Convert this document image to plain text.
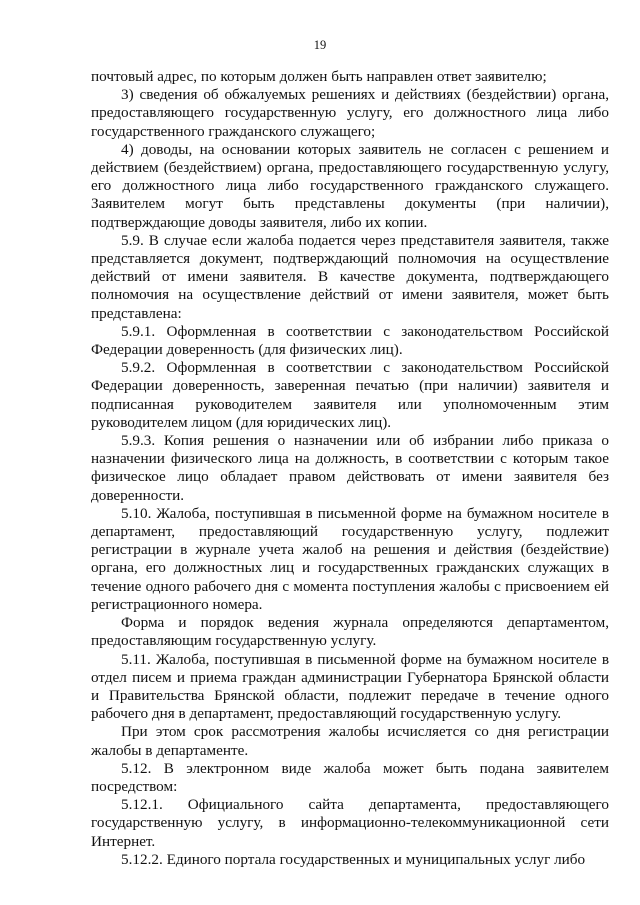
19

почтовый адрес, по которым должен быть направлен ответ заявителю;

3) сведения об обжалуемых решениях и действиях (бездействии) органа, предоставляющего государственную услугу, его должностного лица либо государственного гражданского служащего;

4) доводы, на основании которых заявитель не согласен с решением и действием (бездействием) органа, предоставляющего государственную услугу, его должностного лица либо государственного гражданского служащего. Заявителем могут быть представлены документы (при наличии), подтверждающие доводы заявителя, либо их копии.

5.9. В случае если жалоба подается через представителя заявителя, также представляется документ, подтверждающий полномочия на осуществление действий от имени заявителя. В качестве документа, подтверждающего полномочия на осуществление действий от имени заявителя, может быть представлена:

5.9.1. Оформленная в соответствии с законодательством Российской Федерации доверенность (для физических лиц).

5.9.2. Оформленная в соответствии с законодательством Российской Федерации доверенность, заверенная печатью (при наличии) заявителя и подписанная руководителем заявителя или уполномоченным этим руководителем лицом (для юридических лиц).

5.9.3. Копия решения о назначении или об избрании либо приказа о назначении физического лица на должность, в соответствии с которым такое физическое лицо обладает правом действовать от имени заявителя без доверенности.

5.10. Жалоба, поступившая в письменной форме на бумажном носителе в департамент, предоставляющий государственную услугу, подлежит регистрации в журнале учета жалоб на решения и действия (бездействие) органа, его должностных лиц и государственных гражданских служащих в течение одного рабочего дня с момента поступления жалобы с присвоением ей регистрационного номера.

Форма и порядок ведения журнала определяются департаментом, предоставляющим государственную услугу.

5.11. Жалоба, поступившая в письменной форме на бумажном носителе в отдел писем и приема граждан администрации Губернатора Брянской области и Правительства Брянской области, подлежит передаче в течение одного рабочего дня в департамент, предоставляющий государственную услугу.

При этом срок рассмотрения жалобы исчисляется со дня регистрации жалобы в департаменте.

5.12. В электронном виде жалоба может быть подана заявителем посредством:

5.12.1. Официального сайта департамента, предоставляющего государственную услугу, в информационно-телекоммуникационной сети Интернет.

5.12.2. Единого портала государственных и муниципальных услуг либо
